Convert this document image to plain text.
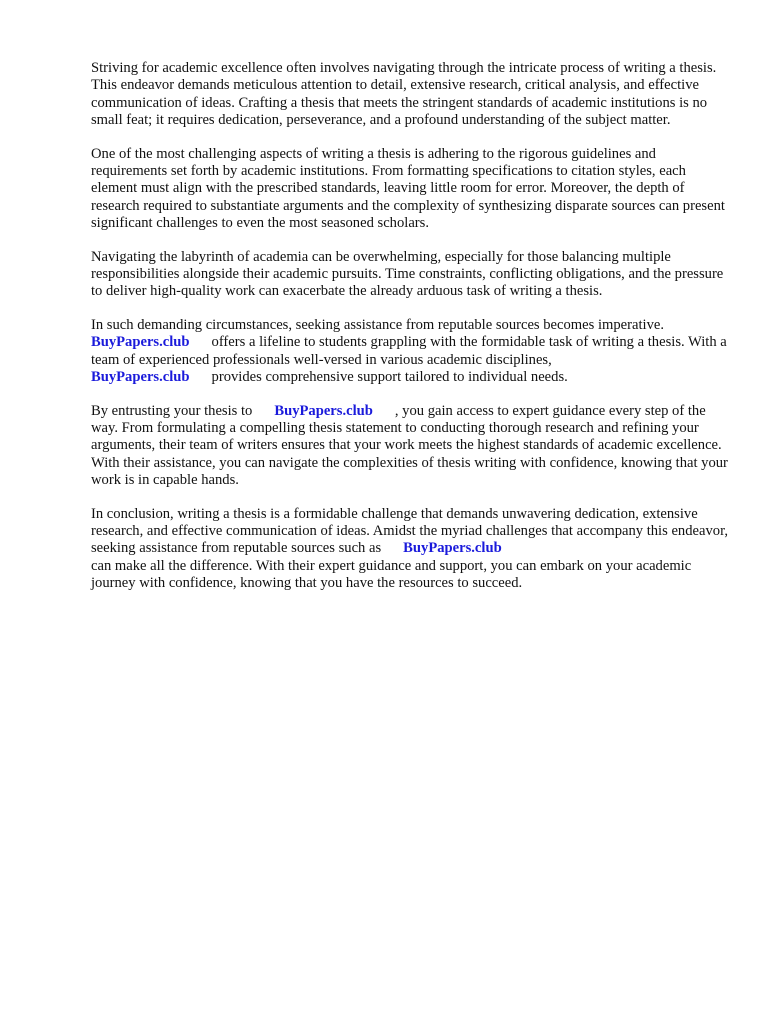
Striving for academic excellence often involves navigating through the intricate process of writing a thesis. This endeavor demands meticulous attention to detail, extensive research, critical analysis, and effective communication of ideas. Crafting a thesis that meets the stringent standards of academic institutions is no small feat; it requires dedication, perseverance, and a profound understanding of the subject matter.

One of the most challenging aspects of writing a thesis is adhering to the rigorous guidelines and requirements set forth by academic institutions. From formatting specifications to citation styles, each element must align with the prescribed standards, leaving little room for error. Moreover, the depth of research required to substantiate arguments and the complexity of synthesizing disparate sources can present significant challenges to even the most seasoned scholars.

Navigating the labyrinth of academia can be overwhelming, especially for those balancing multiple responsibilities alongside their academic pursuits. Time constraints, conflicting obligations, and the pressure to deliver high-quality work can exacerbate the already arduous task of writing a thesis.

In such demanding circumstances, seeking assistance from reputable sources becomes imperative.
BuyPapers.club offers a lifeline to students grappling with the formidable task of writing a thesis. With a team of experienced professionals well-versed in various academic disciplines,
BuyPapers.club provides comprehensive support tailored to individual needs.

By entrusting your thesis to BuyPapers.club , you gain access to expert guidance every step of the way. From formulating a compelling thesis statement to conducting thorough research and refining your arguments, their team of writers ensures that your work meets the highest standards of academic excellence. With their assistance, you can navigate the complexities of thesis writing with confidence, knowing that your work is in capable hands.

In conclusion, writing a thesis is a formidable challenge that demands unwavering dedication, extensive research, and effective communication of ideas. Amidst the myriad challenges that accompany this endeavor, seeking assistance from reputable sources such as BuyPapers.club
can make all the difference. With their expert guidance and support, you can embark on your academic journey with confidence, knowing that you have the resources to succeed.
